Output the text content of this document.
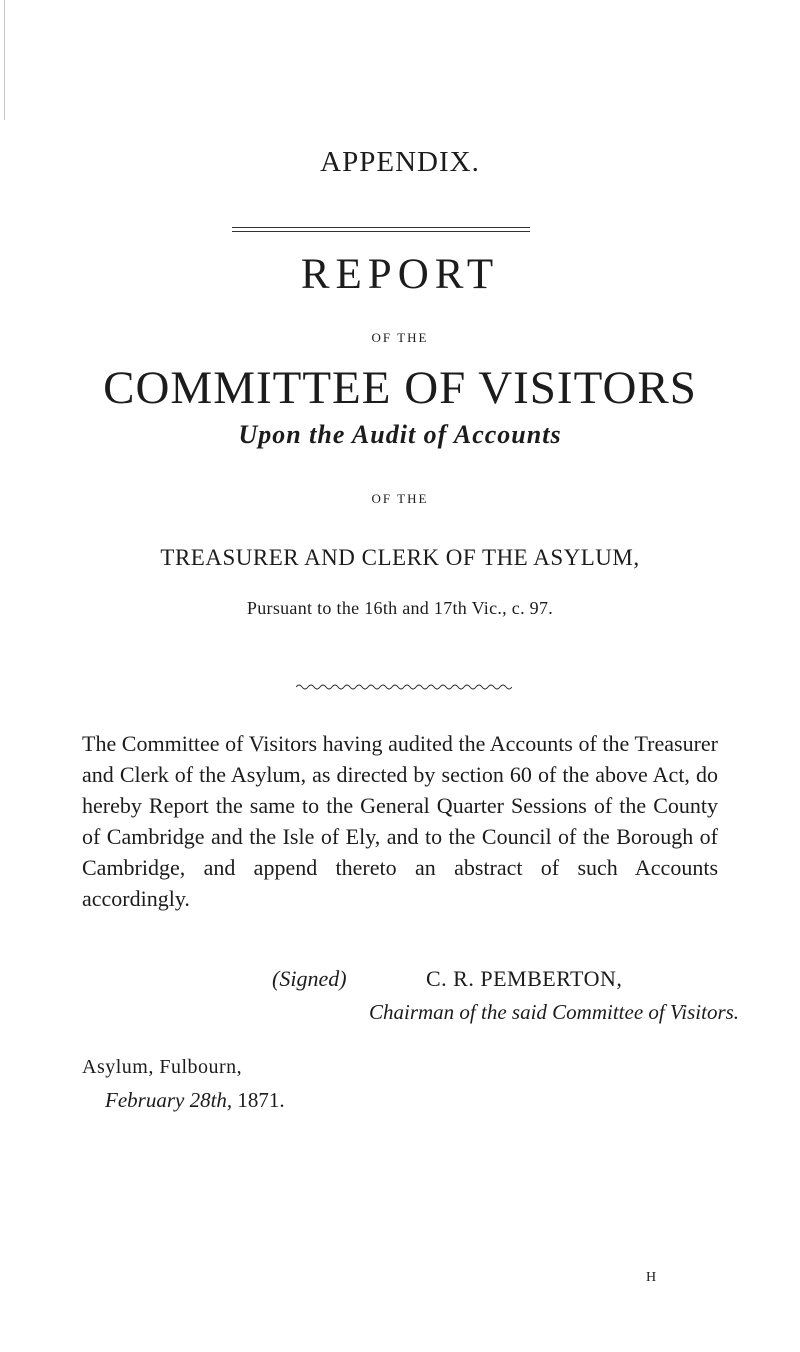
APPENDIX.
REPORT
OF THE
COMMITTEE OF VISITORS
Upon the Audit of Accounts
OF THE
TREASURER AND CLERK OF THE ASYLUM,
Pursuant to the 16th and 17th Vic., c. 97.
The Committee of Visitors having audited the Accounts of the Treasurer and Clerk of the Asylum, as directed by section 60 of the above Act, do hereby Report the same to the General Quarter Sessions of the County of Cambridge and the Isle of Ely, and to the Council of the Borough of Cambridge, and append thereto an abstract of such Accounts accordingly.
(Signed)	C. R. PEMBERTON,
Chairman of the said Committee of Visitors.
Asylum, Fulbourn,
February 28th, 1871.
H
